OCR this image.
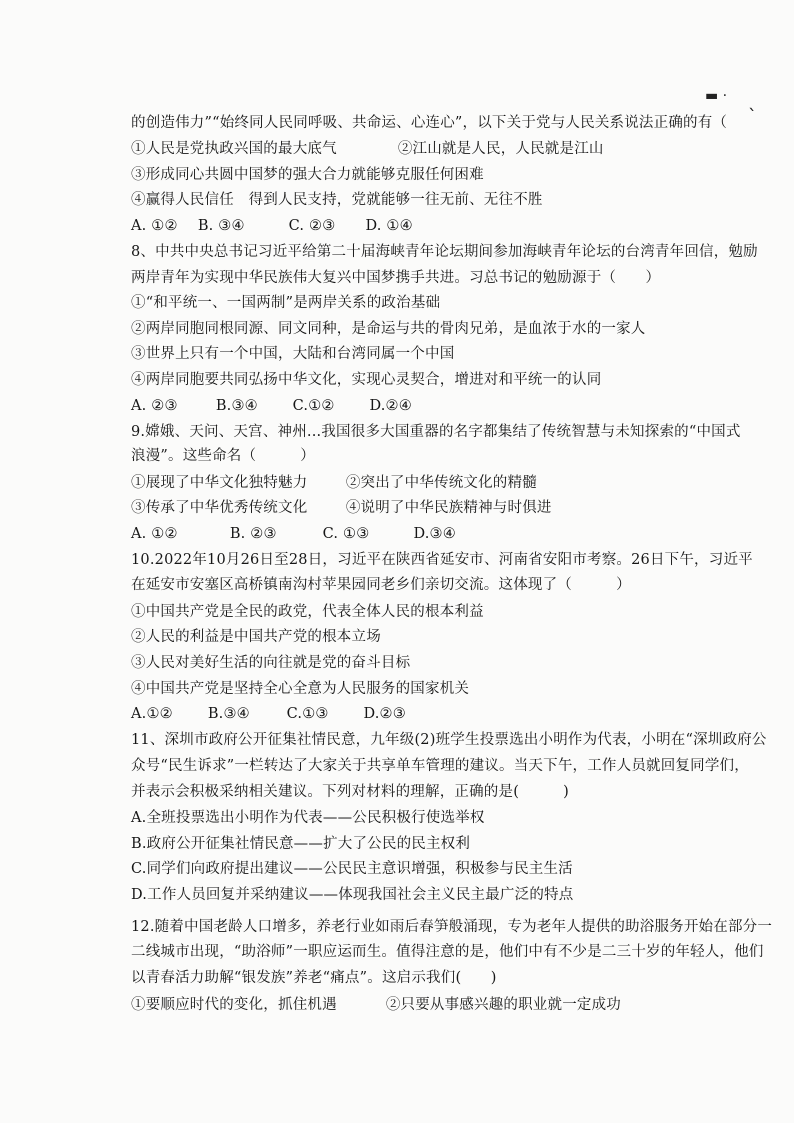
▬ ·
ˋ
的创造伟力”“始终同人民同呼吸、共命运、心连心”，以下关于党与人民关系说法正确的有（
①人民是党执政兴国的最大底气	②江山就是人民，人民就是江山
③形成同心共圆中国梦的强大合力就能够克服任何困难
④赢得人民信任　得到人民支持，党就能够一往无前、无往不胜
A. ①② B. ③④	C. ②③ D. ①④
8、中共中央总书记习近平给第二十届海峡青年论坛期间参加海峡青年论坛的台湾青年回信，勉励
两岸青年为实现中华民族伟大复兴中国梦携手共进。习总书记的勉励源于（　　）
①“和平统一、一国两制”是两岸关系的政治基础
②两岸同胞同根同源、同文同种，是命运与共的骨肉兄弟，是血浓于水的一家人
③世界上只有一个中国，大陆和台湾同属一个中国
④两岸同胞要共同弘扬中华文化，实现心灵契合，增进对和平统一的认同
A. ②③	B.③④ C.①② D.②④
9.嫦娥、天问、天宫、神州...我国很多大国重器的名字都集结了传统智慧与未知探索的“中国式
浪漫”。这些命名（　　　）
①展现了中华文化独特魅力	②突出了中华传统文化的精髓
③传承了中华优秀传统文化	④说明了中华民族精神与时俱进
A. ①②	B. ②③	C. ①③	D.③④
10.2022年10月26日至28日，习近平在陕西省延安市、河南省安阳市考察。26日下午，习近平
在延安市安塞区高桥镇南沟村苹果园同老乡们亲切交流。这体现了（　　　）
①中国共产党是全民的政党，代表全体人民的根本利益
②人民的利益是中国共产党的根本立场
③人民对美好生活的向往就是党的奋斗目标
④中国共产党是坚持全心全意为人民服务的国家机关
A.①② B.③④	C.①③ D.②③
11、深圳市政府公开征集社情民意，九年级(2)班学生投票选出小明作为代表，小明在“深圳政府公
众号“民生诉求”一栏转达了大家关于共享单车管理的建议。当天下午，工作人员就回复同学们，
并表示会积极采纳相关建议。下列对材料的理解，正确的是(　　　)
A.全班投票选出小明作为代表——公民积极行使选举权
B.政府公开征集社情民意——扩大了公民的民主权利
C.同学们向政府提出建议——公民民主意识增强，积极参与民主生活
D.工作人员回复并采纳建议——体现我国社会主义民主最广泛的特点
12.随着中国老龄人口增多，养老行业如雨后春笋般涌现，专为老年人提供的助浴服务开始在部分一
二线城市出现，“助浴师”一职应运而生。值得注意的是，他们中有不少是二三十岁的年轻人，他们
以青春活力助解“银发族”养老“痛点”。这启示我们(　　)
①要顺应时代的变化，抓住机遇	②只要从事感兴趣的职业就一定成功
